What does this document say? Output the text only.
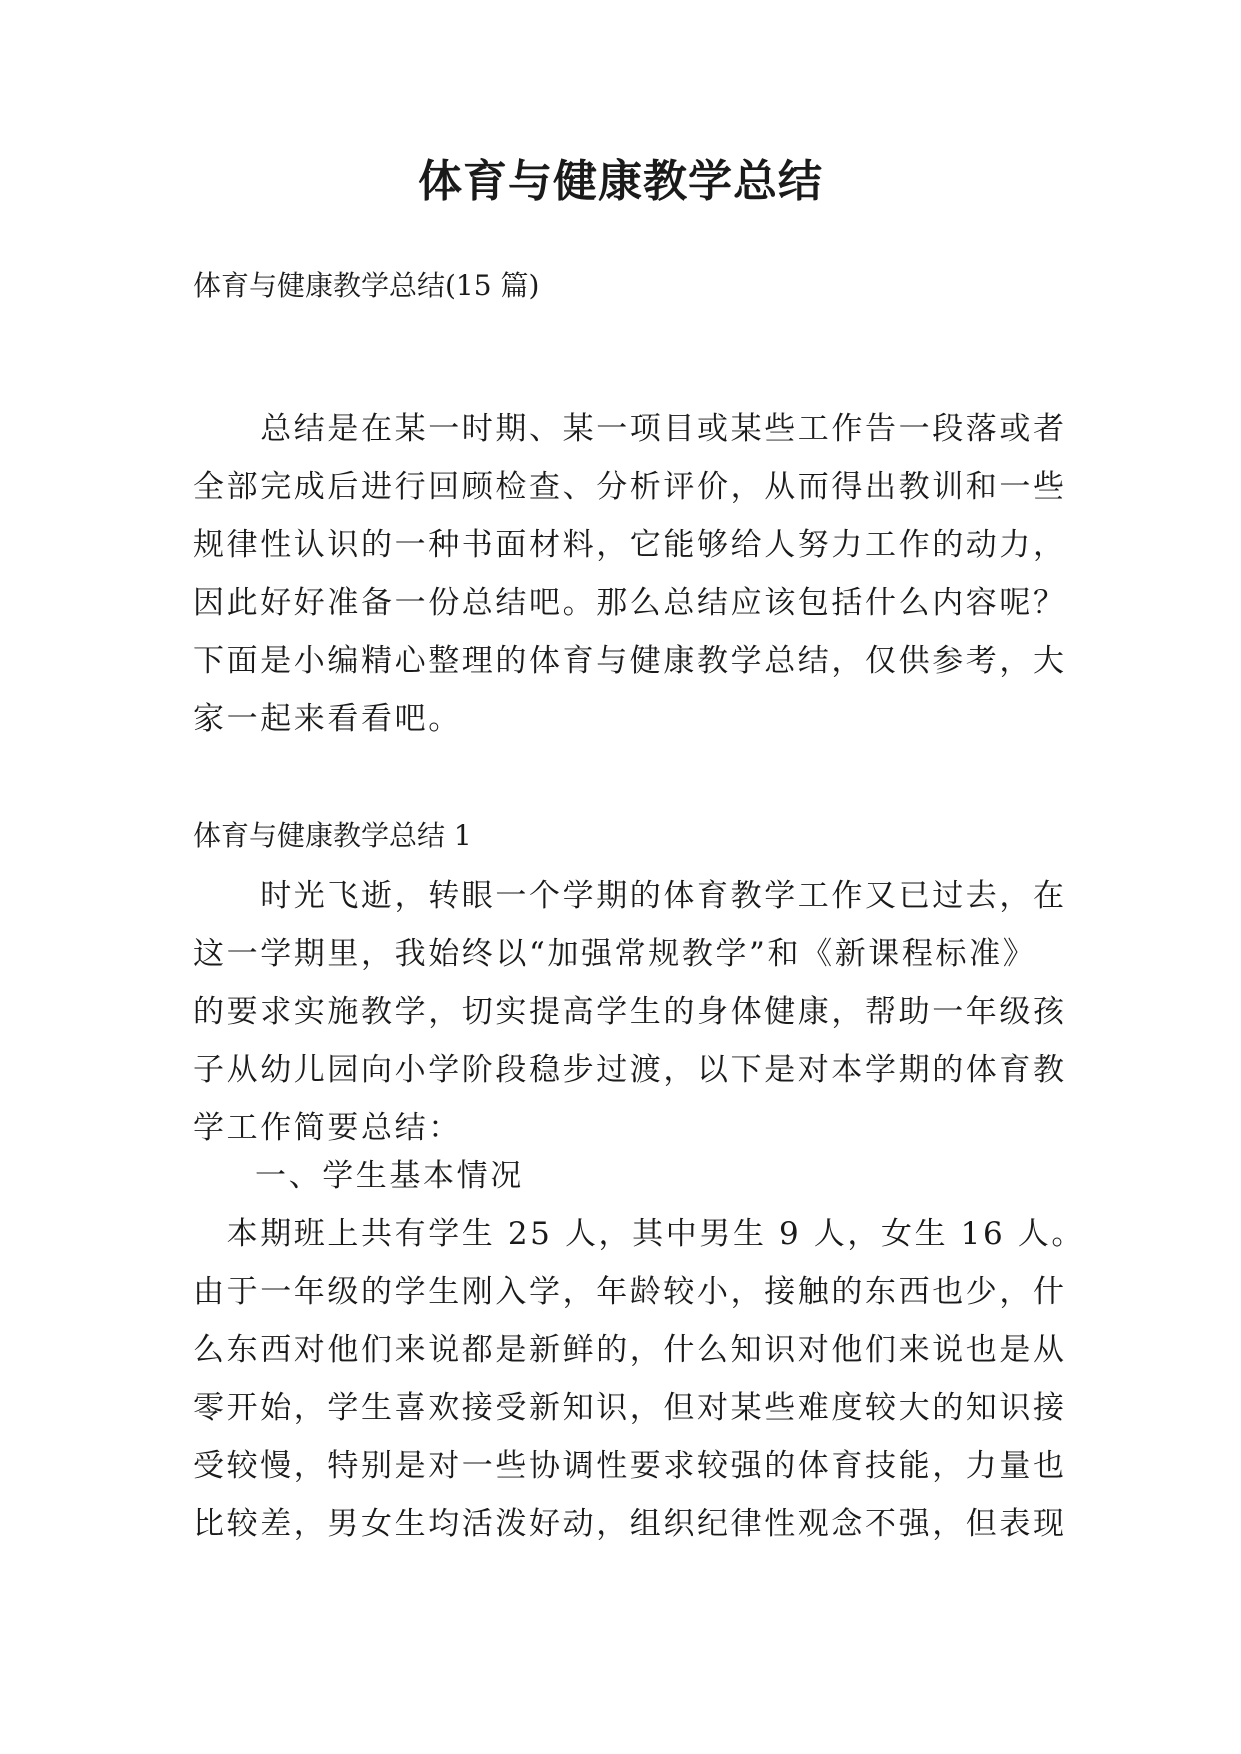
体育与健康教学总结

体育与健康教学总结(15 篇)

　　总结是在某一时期、某一项目或某些工作告一段落或者
全部完成后进行回顾检查、分析评价，从而得出教训和一些
规律性认识的一种书面材料，它能够给人努力工作的动力，
因此好好准备一份总结吧。那么总结应该包括什么内容呢？
下面是小编精心整理的体育与健康教学总结，仅供参考，大
家一起来看看吧。

体育与健康教学总结 1

　　时光飞逝，转眼一个学期的体育教学工作又已过去，在
这一学期里，我始终以“加强常规教学”和《新课程标准》
的要求实施教学，切实提高学生的身体健康，帮助一年级孩
子从幼儿园向小学阶段稳步过渡，以下是对本学期的体育教
学工作简要总结：

一、学生基本情况

　本期班上共有学生 25 人，其中男生 9 人，女生 16 人。
由于一年级的学生刚入学，年龄较小，接触的东西也少，什
么东西对他们来说都是新鲜的，什么知识对他们来说也是从
零开始，学生喜欢接受新知识，但对某些难度较大的知识接
受较慢，特别是对一些协调性要求较强的体育技能，力量也
比较差，男女生均活泼好动，组织纪律性观念不强，但表现
